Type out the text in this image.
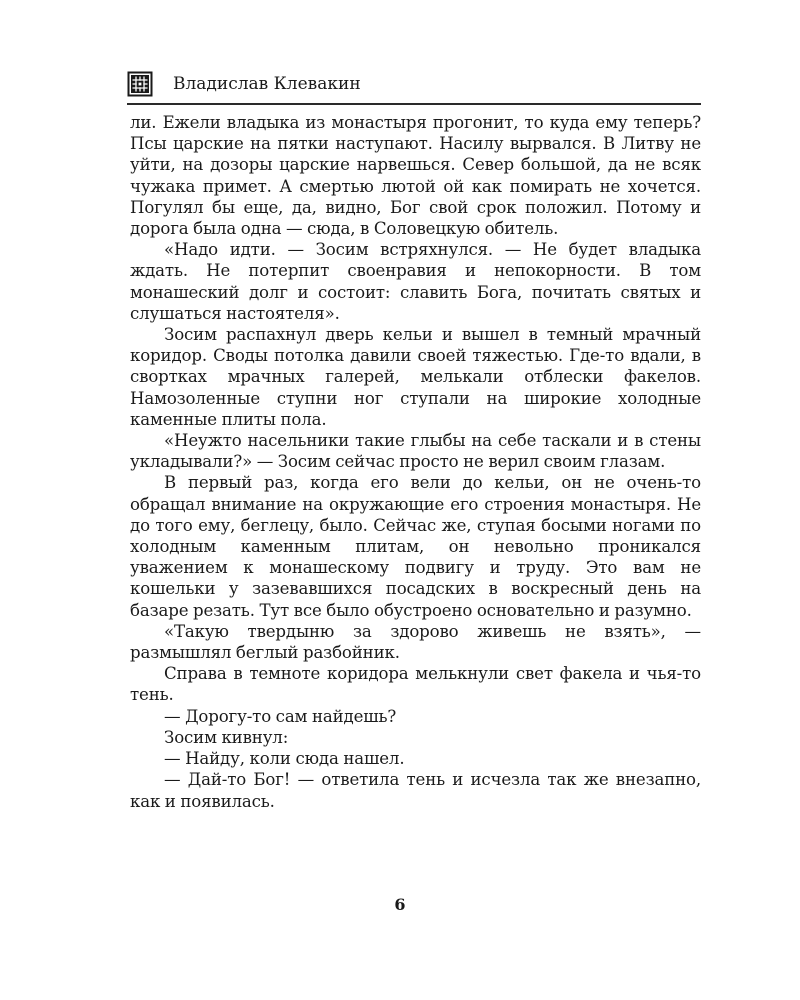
Владислав Клевакин

ли. Ежели владыка из монастыря прогонит, то куда ему теперь? Псы царские на пятки наступают. Насилу вырвался. В Литву не уйти, на дозоры царские нарвешься. Север большой, да не всяк чужака примет. А смертью лютой ой как помирать не хочется. Погулял бы еще, да, видно, Бог свой срок положил. Потому и дорога была одна — сюда, в Соловецкую обитель.

«Надо идти. — Зосим встряхнулся. — Не будет владыка ждать. Не потерпит своенравия и непокорности. В том монашеский долг и состоит: славить Бога, почитать святых и слушаться настоятеля».

Зосим распахнул дверь кельи и вышел в темный мрачный коридор. Своды потолка давили своей тяжестью. Где-то вдали, в свортках мрачных галерей, мелькали отблески факелов. Намозоленные ступни ног ступали на широкие холодные каменные плиты пола.

«Неужто насельники такие глыбы на себе таскали и в стены укладывали?» — Зосим сейчас просто не верил своим глазам.

В первый раз, когда его вели до кельи, он не очень-то обращал внимание на окружающие его строения монастыря. Не до того ему, беглецу, было. Сейчас же, ступая босыми ногами по холодным каменным плитам, он невольно проникался уважением к монашескому подвигу и труду. Это вам не кошельки у зазевавшихся посадских в воскресный день на базаре резать. Тут все было обустроено основательно и разумно.

«Такую твердыню за здорово живешь не взять», — размышлял беглый разбойник.

Справа в темноте коридора мелькнули свет факела и чья-то тень.

— Дорогу-то сам найдешь?

Зосим кивнул:

— Найду, коли сюда нашел.

— Дай-то Бог! — ответила тень и исчезла так же внезапно, как и появилась.

6
